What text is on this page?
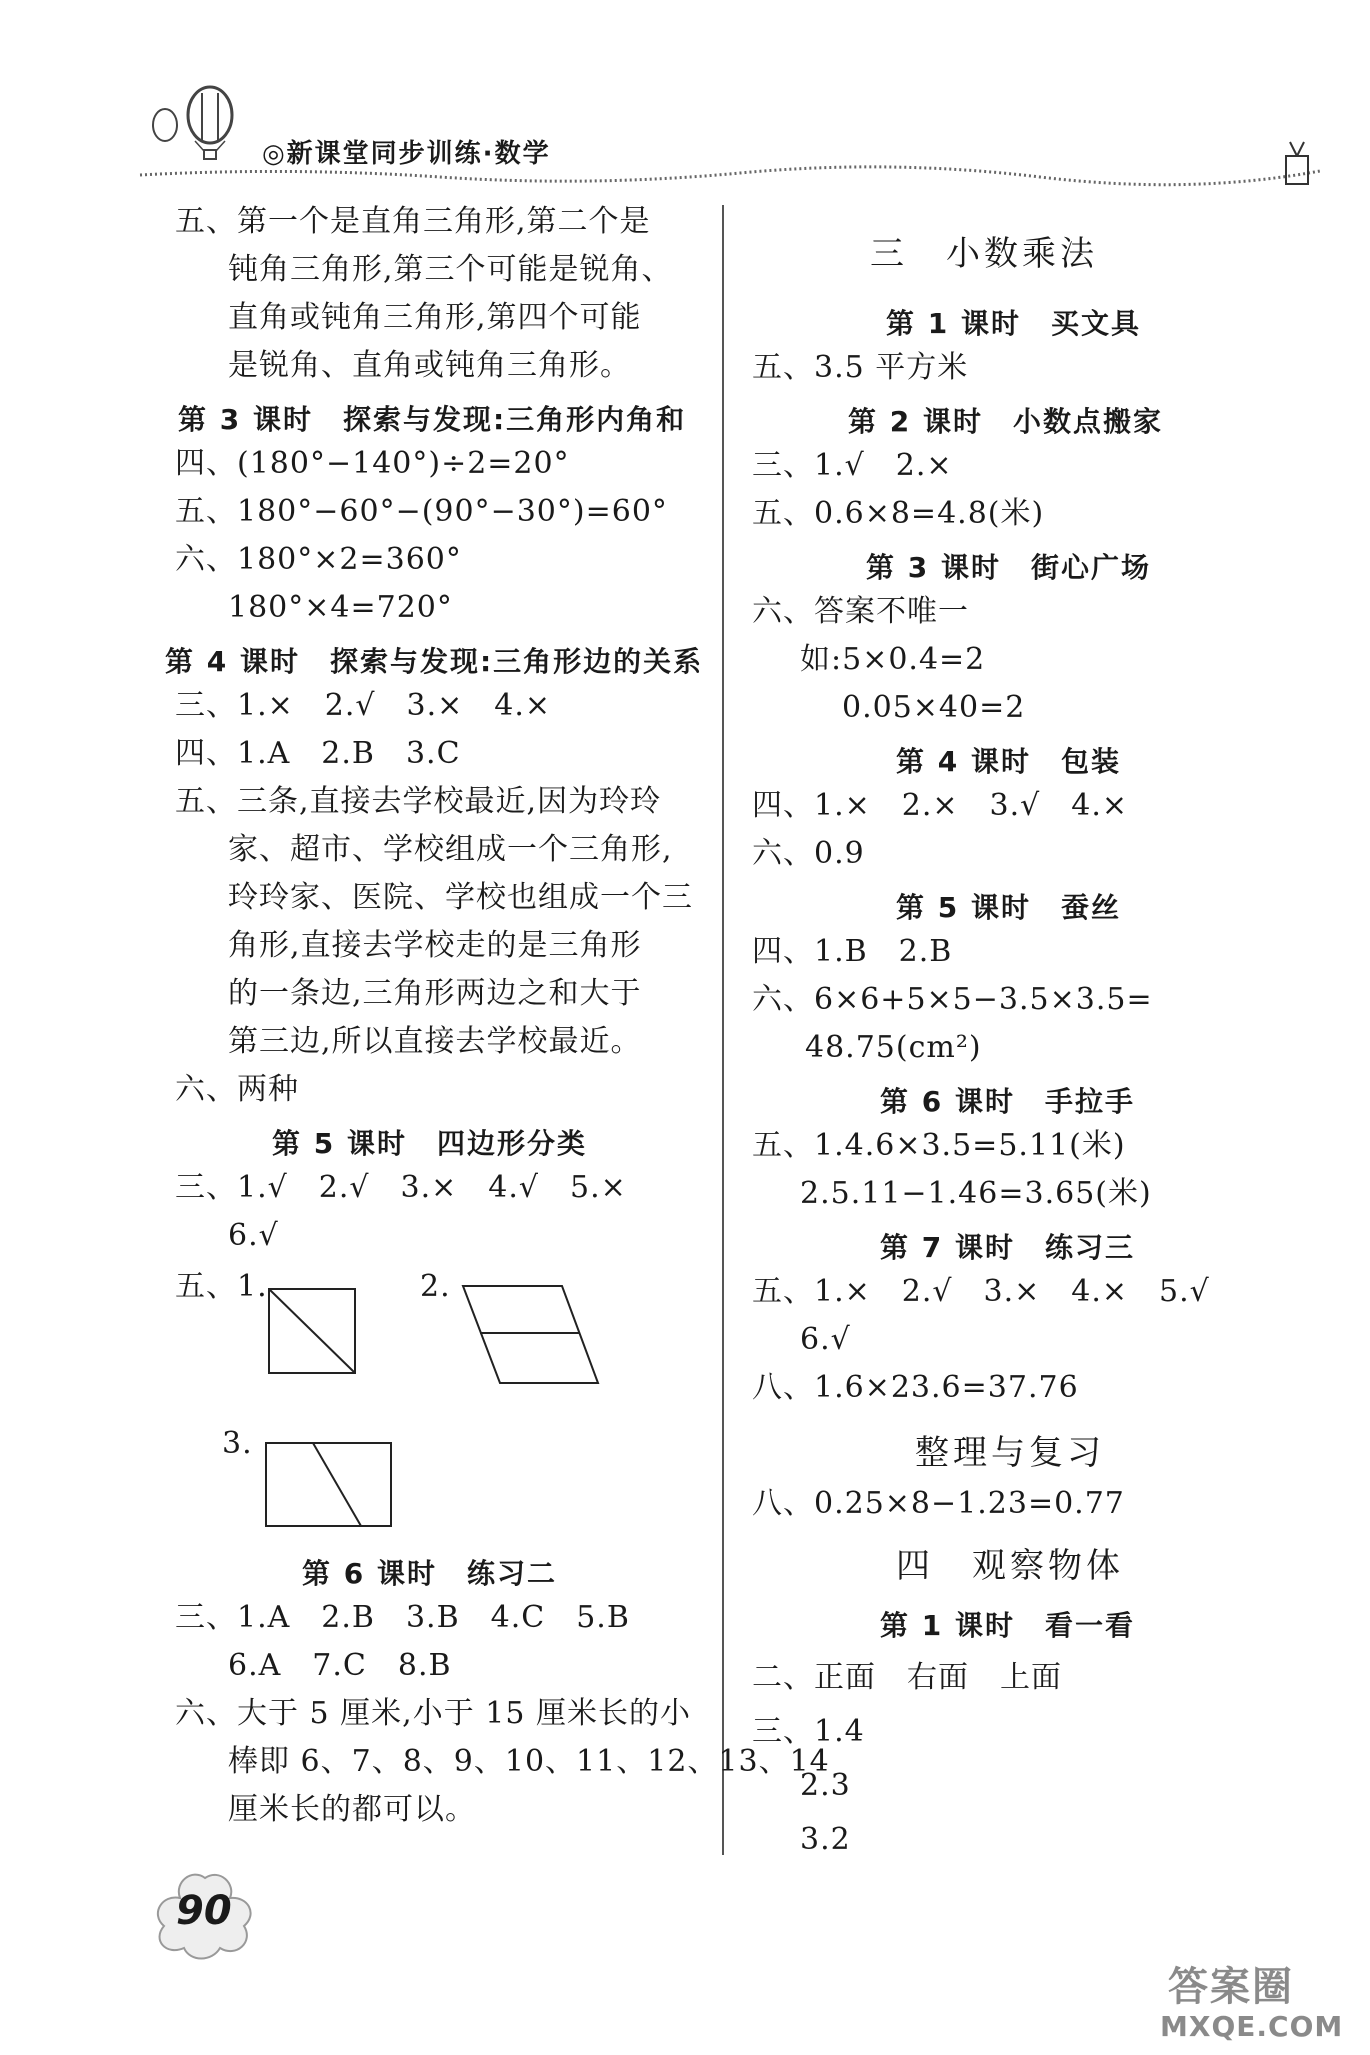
◎新课堂同步训练·数学
五、第一个是直角三角形,第二个是
钝角三角形,第三个可能是锐角、
直角或钝角三角形,第四个可能
是锐角、直角或钝角三角形。
第 3 课时　探索与发现:三角形内角和
四、(180°−140°)÷2=20°
五、180°−60°−(90°−30°)=60°
六、180°×2=360°
180°×4=720°
第 4 课时　探索与发现:三角形边的关系
三、1.×　2.√　3.×　4.×
四、1.A　2.B　3.C
五、三条,直接去学校最近,因为玲玲
家、超市、学校组成一个三角形,
玲玲家、医院、学校也组成一个三
角形,直接去学校走的是三角形
的一条边,三角形两边之和大于
第三边,所以直接去学校最近。
六、两种
第 5 课时　四边形分类
三、1.√　2.√　3.×　4.√　5.×
6.√
五、1.	2.
3.
第 6 课时　练习二
三、1.A　2.B　3.B　4.C　5.B
6.A　7.C　8.B
六、大于 5 厘米,小于 15 厘米长的小
棒即 6、7、8、9、10、11、12、13、14
厘米长的都可以。
三　小数乘法
第 1 课时　买文具
五、3.5 平方米
第 2 课时　小数点搬家
三、1.√　2.×
五、0.6×8=4.8(米)
第 3 课时　街心广场
六、答案不唯一
如:5×0.4=2
0.05×40=2
第 4 课时　包装
四、1.×　2.×　3.√　4.×
六、0.9
第 5 课时　蚕丝
四、1.B　2.B
六、6×6+5×5−3.5×3.5=
48.75(cm²)
第 6 课时　手拉手
五、1.4.6×3.5=5.11(米)
2.5.11−1.46=3.65(米)
第 7 课时　练习三
五、1.×　2.√　3.×　4.×　5.√
6.√
八、1.6×23.6=37.76
整理与复习
八、0.25×8−1.23=0.77
四　观察物体
第 1 课时　看一看
二、正面　右面　上面
三、1.4
2.3
3.2
90
答案圈
MXQE.COM
